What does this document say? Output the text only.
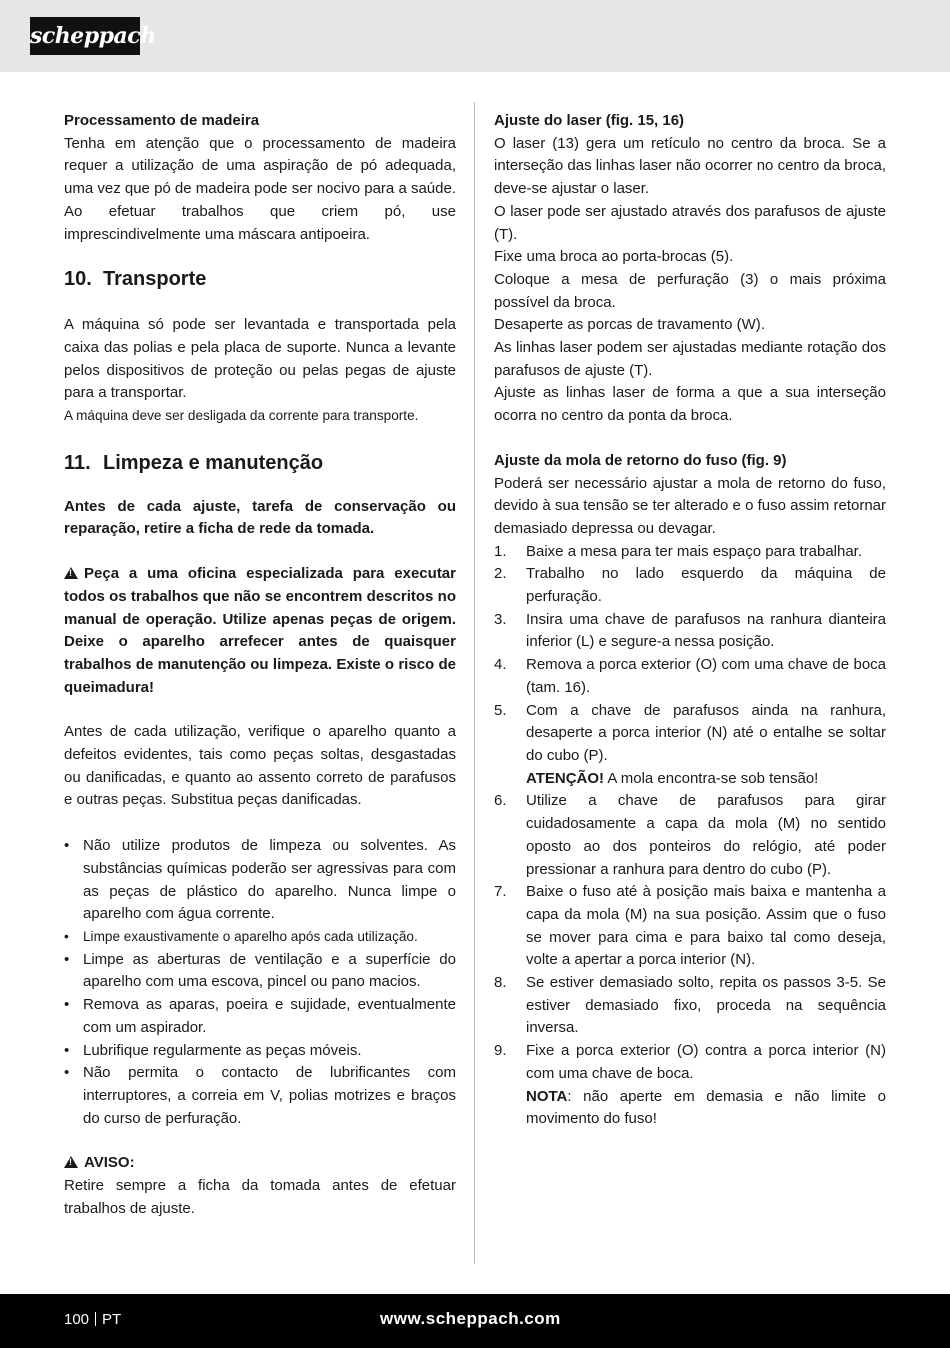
scheppach

Processamento de madeira

Tenha em atenção que o processamento de madeira requer a utilização de uma aspiração de pó adequada, uma vez que pó de madeira pode ser nocivo para a saúde. Ao efetuar trabalhos que criem pó, use imprescindivelmente uma máscara antipoeira.

10. Transporte

A máquina só pode ser levantada e transportada pela caixa das polias e pela placa de suporte. Nunca a levante pelos dispositivos de proteção ou pelas pegas de ajuste para a transportar.

A máquina deve ser desligada da corrente para transporte.

11. Limpeza e manutenção

Antes de cada ajuste, tarefa de conservação ou reparação, retire a ficha de rede da tomada.

!Peça a uma oficina especializada para executar todos os trabalhos que não se encontrem descritos no manual de operação. Utilize apenas peças de origem. Deixe o aparelho arrefecer antes de quaisquer trabalhos de manutenção ou limpeza. Existe o risco de queimadura!

Antes de cada utilização, verifique o aparelho quanto a defeitos evidentes, tais como peças soltas, desgastadas ou danificadas, e quanto ao assento correto de parafusos e outras peças. Substitua peças danificadas.

• Não utilize produtos de limpeza ou solventes. As substâncias químicas poderão ser agressivas para com as peças de plástico do aparelho. Nunca limpe o aparelho com água corrente.
• Limpe exaustivamente o aparelho após cada utilização.
• Limpe as aberturas de ventilação e a superfície do aparelho com uma escova, pincel ou pano macios.
• Remova as aparas, poeira e sujidade, eventualmente com um aspirador.
• Lubrifique regularmente as peças móveis.
• Não permita o contacto de lubrificantes com interruptores, a correia em V, polias motrizes e braços do curso de perfuração.

!AVISO:

Retire sempre a ficha da tomada antes de efetuar trabalhos de ajuste.

Ajuste do laser (fig. 15, 16)

O laser (13) gera um retículo no centro da broca. Se a interseção das linhas laser não ocorrer no centro da broca, deve-se ajustar o laser.

O laser pode ser ajustado através dos parafusos de ajuste (T).

Fixe uma broca ao porta-brocas (5).

Coloque a mesa de perfuração (3) o mais próxima possível da broca.

Desaperte as porcas de travamento (W).

As linhas laser podem ser ajustadas mediante rotação dos parafusos de ajuste (T).

Ajuste as linhas laser de forma a que a sua interseção ocorra no centro da ponta da broca.

Ajuste da mola de retorno do fuso (fig. 9)

Poderá ser necessário ajustar a mola de retorno do fuso, devido à sua tensão se ter alterado e o fuso assim retornar demasiado depressa ou devagar.

1. Baixe a mesa para ter mais espaço para trabalhar.
2. Trabalho no lado esquerdo da máquina de perfuração.
3. Insira uma chave de parafusos na ranhura dianteira inferior (L) e segure-a nessa posição.
4. Remova a porca exterior (O) com uma chave de boca (tam. 16).
5. Com a chave de parafusos ainda na ranhura, desaperte a porca interior (N) até o entalhe se soltar do cubo (P).
ATENÇÃO! A mola encontra-se sob tensão!
6. Utilize a chave de parafusos para girar cuidadosamente a capa da mola (M) no sentido oposto ao dos ponteiros do relógio, até poder pressionar a ranhura para dentro do cubo (P).
7. Baixe o fuso até à posição mais baixa e mantenha a capa da mola (M) na sua posição. Assim que o fuso se mover para cima e para baixo tal como deseja, volte a apertar a porca interior (N).
8. Se estiver demasiado solto, repita os passos 3-5. Se estiver demasiado fixo, proceda na sequência inversa.
9. Fixe a porca exterior (O) contra a porca interior (N) com uma chave de boca.
NOTA: não aperte em demasia e não limite o movimento do fuso!
100 PT	www.scheppach.com
